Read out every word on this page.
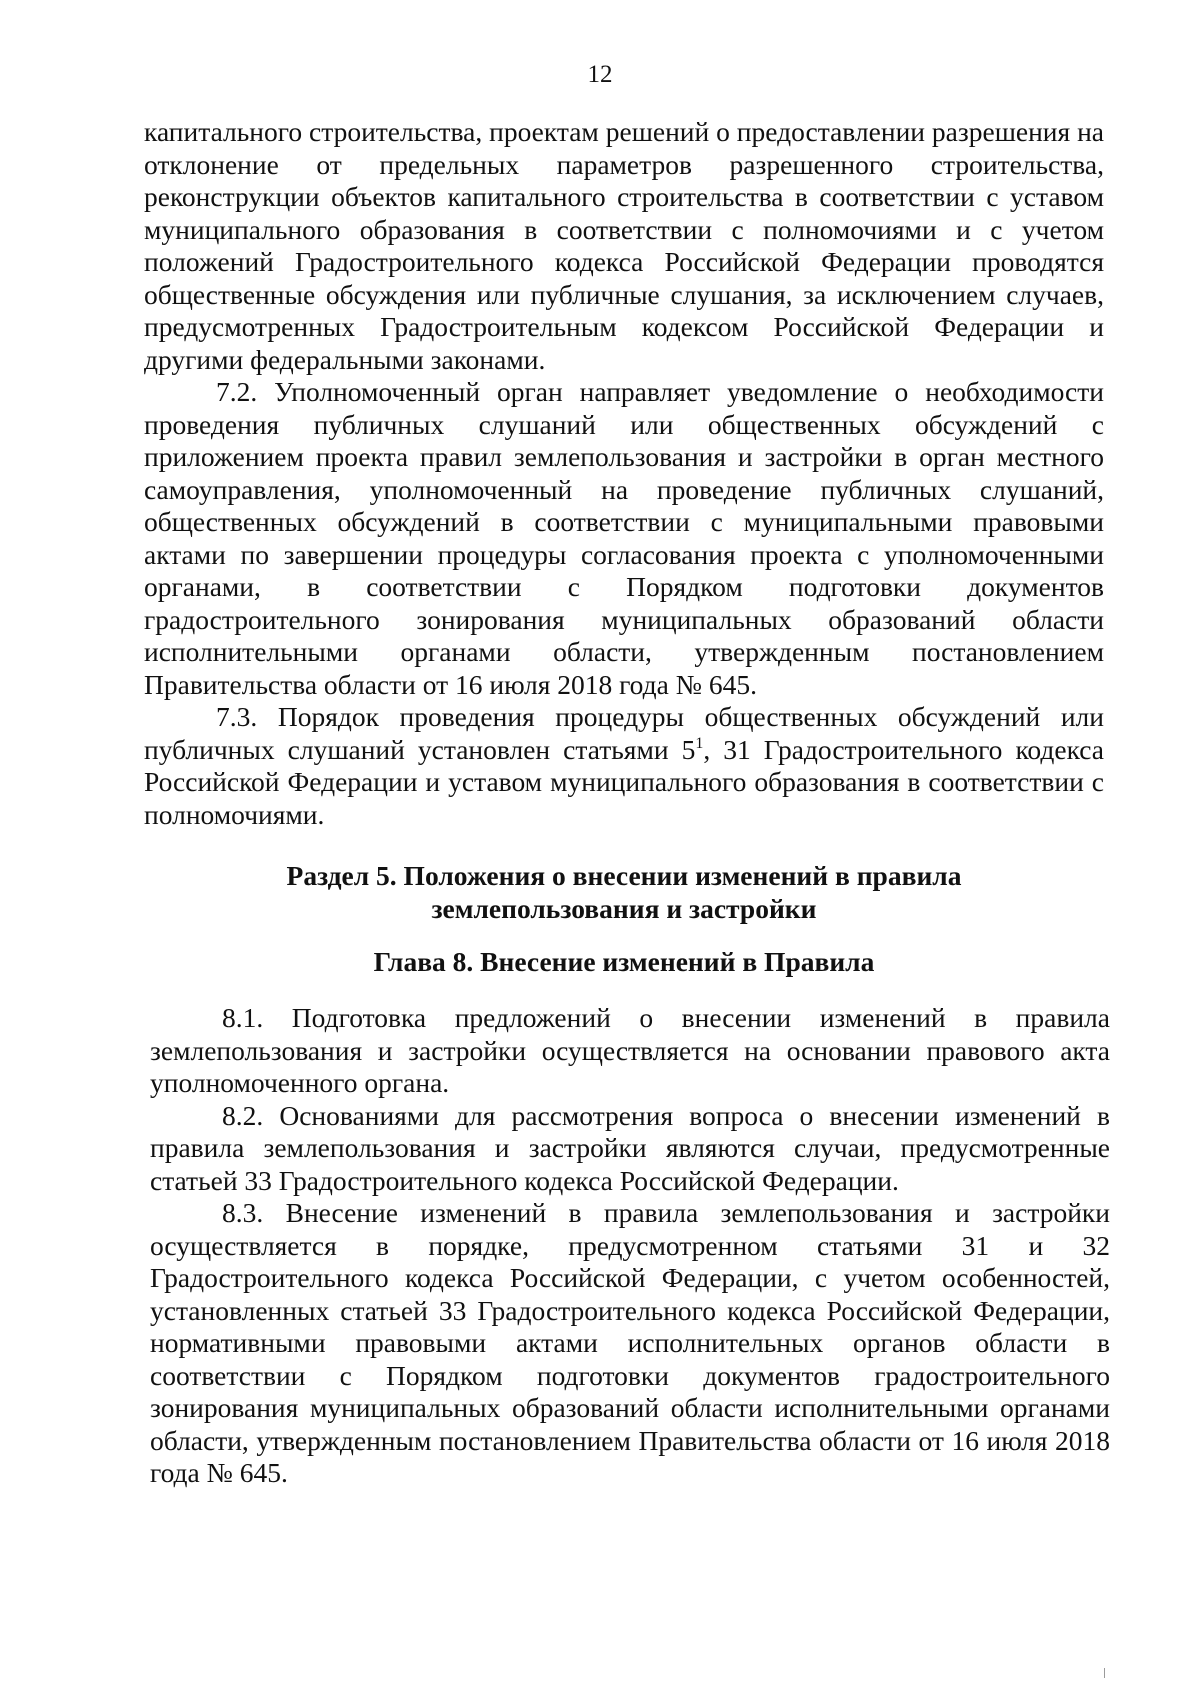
12

капитального строительства, проектам решений о предоставлении разрешения на отклонение от предельных параметров разрешенного строительства, реконструкции объектов капитального строительства в соответствии с уставом муниципального образования в соответствии с полномочиями и с учетом положений Градостроительного кодекса Российской Федерации проводятся общественные обсуждения или публичные слушания, за исключением случаев, предусмотренных Градостроительным кодексом Российской Федерации и другими федеральными законами.

7.2. Уполномоченный орган направляет уведомление о необходимости проведения публичных слушаний или общественных обсуждений с приложением проекта правил землепользования и застройки в орган местного самоуправления, уполномоченный на проведение публичных слушаний, общественных обсуждений в соответствии с муниципальными правовыми актами по завершении процедуры согласования проекта с уполномоченными органами, в соответствии с Порядком подготовки документов градостроительного зонирования муниципальных образований области исполнительными органами области, утвержденным постановлением Правительства области от 16 июля 2018 года № 645.

7.3. Порядок проведения процедуры общественных обсуждений или публичных слушаний установлен статьями $5^1$, 31 Градостроительного кодекса Российской Федерации и уставом муниципального образования в соответствии с полномочиями.

Раздел 5. Положения о внесении изменений в правила

землепользования и застройки

Глава 8. Внесение изменений в Правила

8.1. Подготовка предложений о внесении изменений в правила землепользования и застройки осуществляется на основании правового акта уполномоченного органа.

8.2. Основаниями для рассмотрения вопроса о внесении изменений в правила землепользования и застройки являются случаи, предусмотренные статьей 33 Градостроительного кодекса Российской Федерации.

8.3. Внесение изменений в правила землепользования и застройки осуществляется в порядке, предусмотренном статьями 31 и 32 Градостроительного кодекса Российской Федерации, с учетом особенностей, установленных статьей 33 Градостроительного кодекса Российской Федерации, нормативными правовыми актами исполнительных органов области в соответствии с Порядком подготовки документов градостроительного зонирования муниципальных образований области исполнительными органами области, утвержденным постановлением Правительства области от 16 июля 2018 года № 645.
